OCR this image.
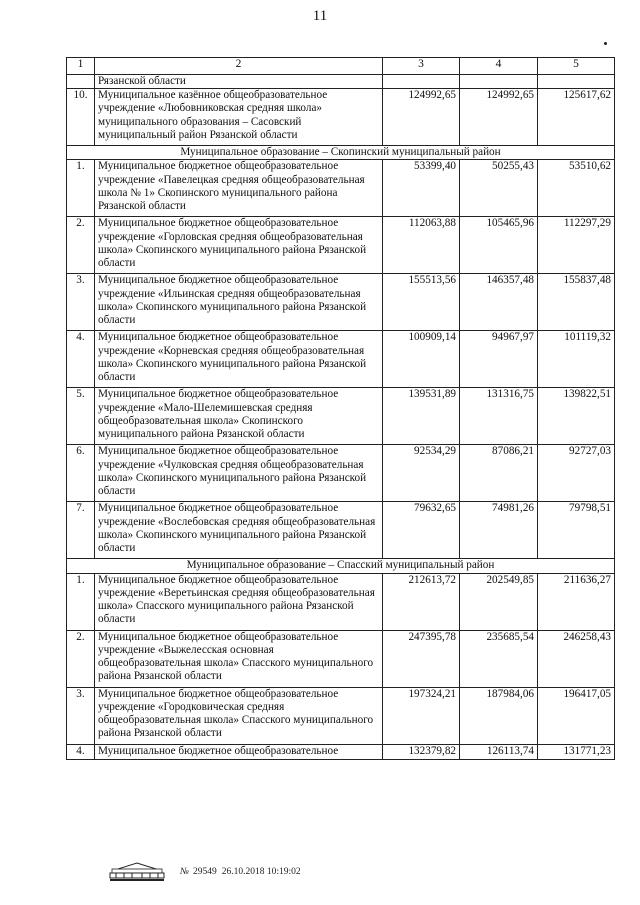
11
1	2	3	4	5
	Рязанской области			
10.	Муниципальное казённое общеобразовательное учреждение «Любовниковская средняя школа» муниципального образования – Сасовский муниципальный район Рязанской области	124992,65	124992,65	125617,62
Муниципальное образование – Скопинский муниципальный район				
1.	Муниципальное бюджетное общеобразовательное учреждение «Павелецкая средняя общеобразовательная школа № 1» Скопинского муниципального района Рязанской области	53399,40	50255,43	53510,62
2.	Муниципальное бюджетное общеобразовательное учреждение «Горловская средняя общеобразовательная школа» Скопинского муниципального района Рязанской области	112063,88	105465,96	112297,29
3.	Муниципальное бюджетное общеобразовательное учреждение «Ильинская средняя общеобразовательная школа» Скопинского муниципального района Рязанской области	155513,56	146357,48	155837,48
4.	Муниципальное бюджетное общеобразовательное учреждение «Корневская средняя общеобразовательная школа» Скопинского муниципального района Рязанской области	100909,14	94967,97	101119,32
5.	Муниципальное бюджетное общеобразовательное учреждение «Мало-Шелемишевская средняя общеобразовательная школа» Скопинского муниципального района Рязанской области	139531,89	131316,75	139822,51
6.	Муниципальное бюджетное общеобразовательное учреждение «Чулковская средняя общеобразовательная школа» Скопинского муниципального района Рязанской области	92534,29	87086,21	92727,03
7.	Муниципальное бюджетное общеобразовательное учреждение «Вослебовская средняя общеобразовательная школа» Скопинского муниципального района Рязанской области	79632,65	74981,26	79798,51
Муниципальное образование – Спасский муниципальный район				
1.	Муниципальное бюджетное общеобразовательное учреждение «Веретьинская средняя общеобразовательная школа» Спасского муниципального района Рязанской области	212613,72	202549,85	211636,27
2.	Муниципальное бюджетное общеобразовательное учреждение «Выжелесская основная общеобразовательная школа» Спасского муниципального района Рязанской области	247395,78	235685,54	246258,43
3.	Муниципальное бюджетное общеобразовательное учреждение «Городковическая средняя общеобразовательная школа» Спасского муниципального района Рязанской области	197324,21	187984,06	196417,05
4.	Муниципальное бюджетное общеобразовательное	132379,82	126113,74	131771,23
№ 29549 26.10.2018 10:19:02
